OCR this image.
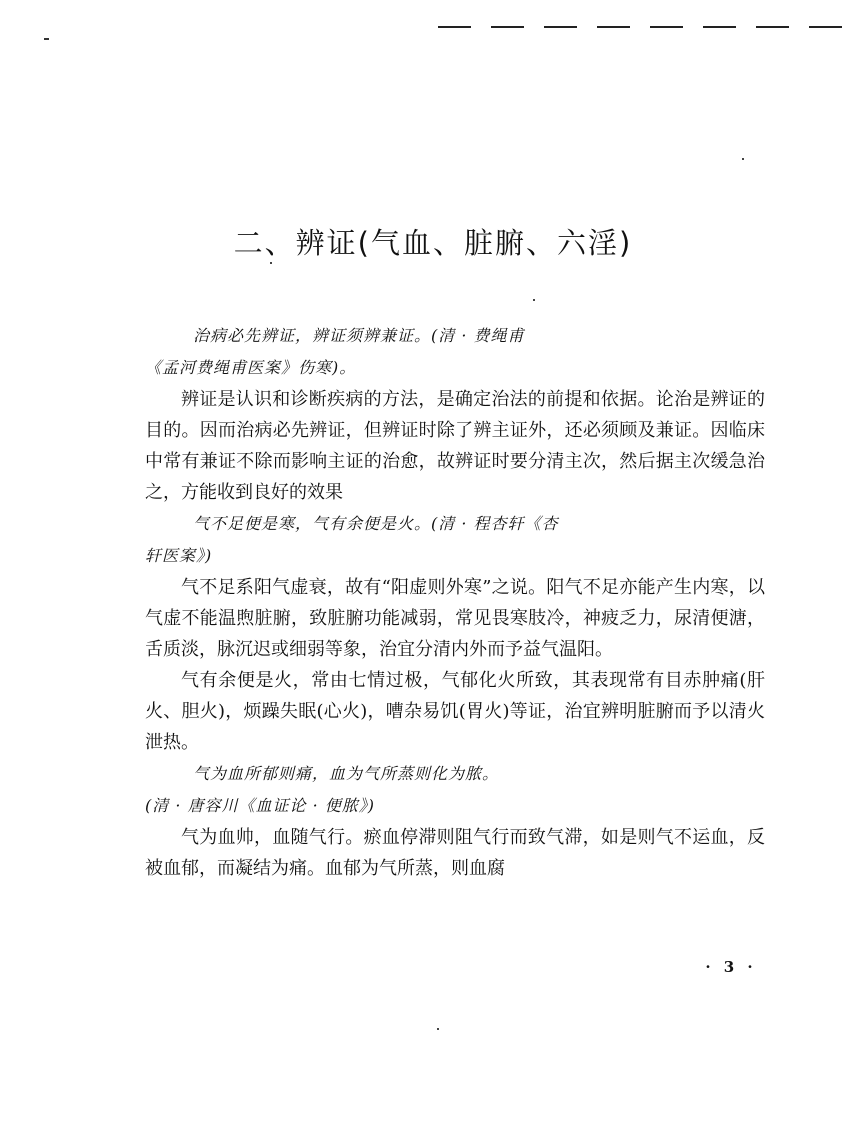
二、辨证(气血、脏腑、六淫)

治病必先辨证，辨证须辨兼证。(清 · 费绳甫
《孟河费绳甫医案》伤寒)。

辨证是认识和诊断疾病的方法，是确定治法的前提和依据。论治是辨证的目的。因而治病必先辨证，但辨证时除了辨主证外，还必须顾及兼证。因临床中常有兼证不除而影响主证的治愈，故辨证时要分清主次，然后据主次缓急治之，方能收到良好的效果

气不足便是寒，气有余便是火。(清 · 程杏轩《杏
轩医案》)

气不足系阳气虚衰，故有“阳虚则外寒”之说。阳气不足亦能产生内寒，以气虚不能温煦脏腑，致脏腑功能减弱，常见畏寒肢冷，神疲乏力，尿清便溏，舌质淡，脉沉迟或细弱等象，治宜分清内外而予益气温阳。

气有余便是火，常由七情过极，气郁化火所致，其表现常有目赤肿痛(肝火、胆火)，烦躁失眠(心火)，嘈杂易饥(胃火)等证，治宜辨明脏腑而予以清火泄热。

气为血所郁则痛，血为气所蒸则化为脓。
(清 · 唐容川《血证论 · 便脓》)

气为血帅，血随气行。瘀血停滞则阻气行而致气滞，如是则气不运血，反被血郁，而凝结为痛。血郁为气所蒸，则血腐

· 3 ·
